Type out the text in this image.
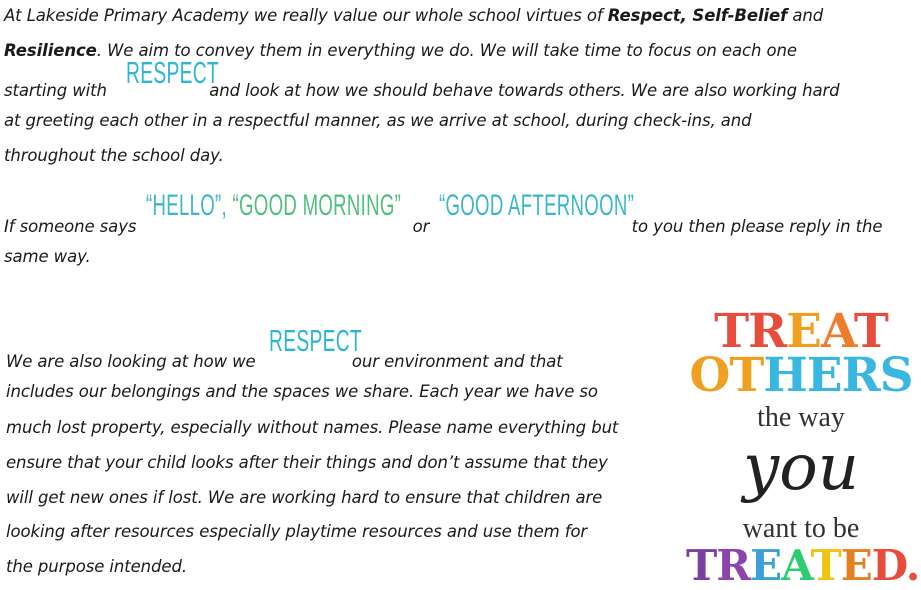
At Lakeside Primary Academy we really value our whole school virtues of Respect, Self-Belief and
Resilience. We aim to convey them in everything we do. We will take time to focus on each one
starting with
RESPECT
and look at how we should behave towards others. We are also working hard
at greeting each other in a respectful manner, as we arrive at school, during check-ins, and
throughout the school day.
If someone says
“HELLO”, “GOOD MORNING”
or
“GOOD AFTERNOON”
to you then please reply in the
same way.
We are also looking at how we
RESPECT
our environment and that
includes our belongings and the spaces we share. Each year we have so
much lost property, especially without names. Please name everything but
ensure that your child looks after their things and don’t assume that they
will get new ones if lost. We are working hard to ensure that children are
looking after resources especially playtime resources and use them for
the purpose intended.
TREAT
OTHERS
the way
you
want to be
TREATED.
